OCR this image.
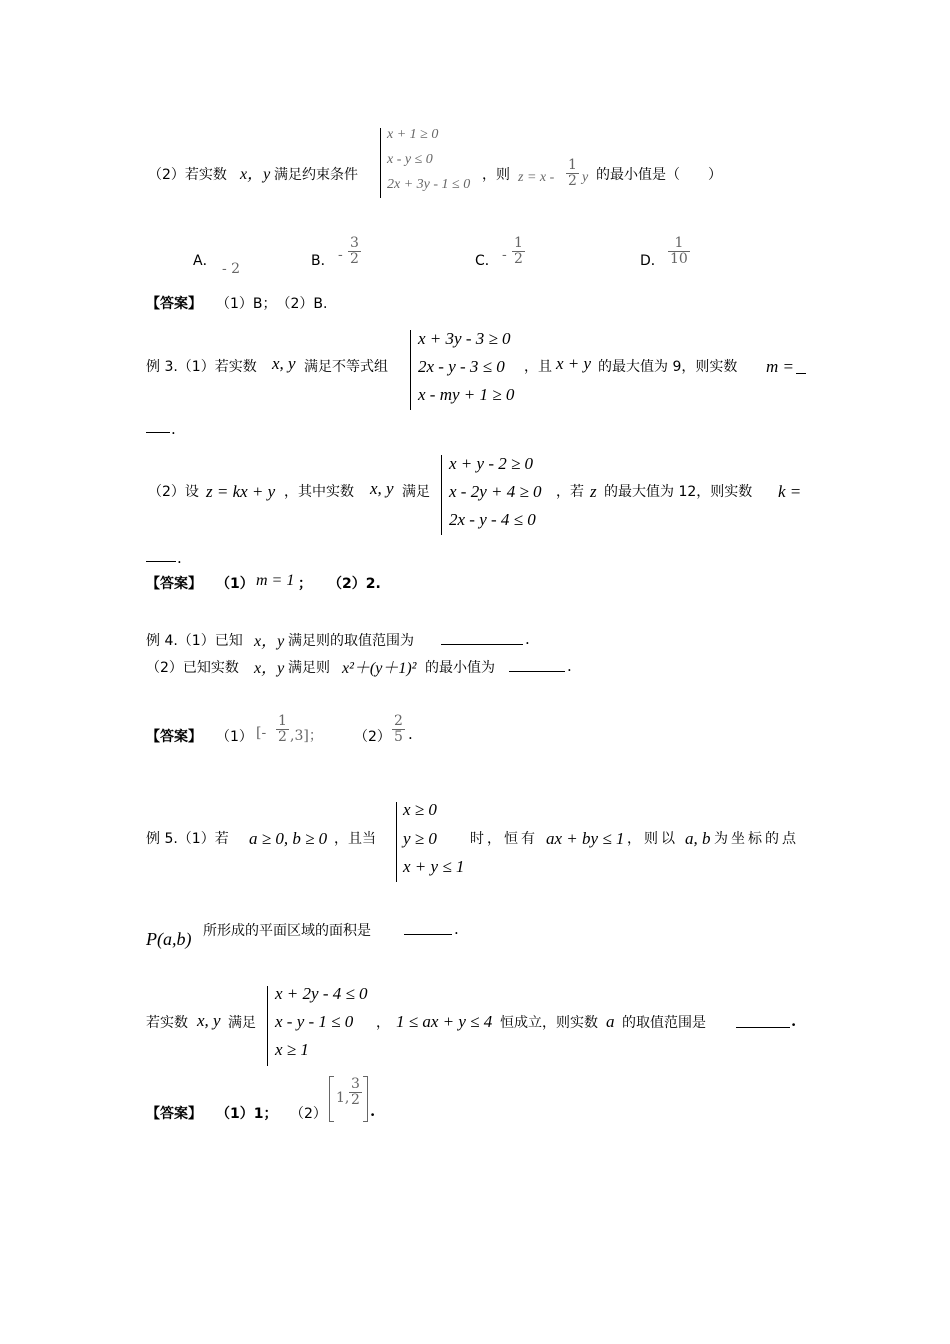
（2）若实数 x，y 满足约束条件
x + 1 ≥ 0
x - y ≤ 0
2x + 3y - 1 ≤ 0
，则 $z = x - \frac{1}{2}$ y 的最小值是（　　）
A． - 2	B． - $\frac{3}{2}$	C． - $\frac{1}{2}$	D． $\frac{1}{10}$
【答案】 （1）B；　（2）B.
例 3.（1）若实数 x, y 满足不等式组
x + 3y - 3 ≥ 0
2x - y - 3 ≤ 0
x - my + 1 ≥ 0
，且 x + y 的最大值为 9，则实数 m =
.
（2）设 z = kx + y ，其中实数 x, y 满足
x + y - 2 ≥ 0
x - 2y + 4 ≥ 0
2x - y - 4 ≤ 0
，若 z 的最大值为 12，则实数 k =
.
【答案】 （1） m = 1 ； （2）2.
例 4.（1）已知 x，y 满足则的取值范围为	.
（2）已知实数 x，y 满足则 x²＋(y＋1)² 的最小值为	.
【答案】 （1） [- $\frac{1}{2} ,3$]； $(2) \frac{2}{5}$ .
例 5.（1）若 a ≥ 0, b ≥ 0 ，且当
x ≥ 0
y ≥ 0
x + y ≤ 1
时，恒有 ax + by ≤ 1 ，则以 a, b 为坐标的点
P(a,b) 所形成的平面区域的面积是	.
若实数 x, y 满足
x + 2y - 4 ≤ 0
x - y - 1 ≤ 0
x ≥ 1
， 1 ≤ ax + y ≤ 4 恒成立，则实数 a 的取值范围是	.
【答案】 （1）1； （2）
1, $\frac{3}{2}$
.
